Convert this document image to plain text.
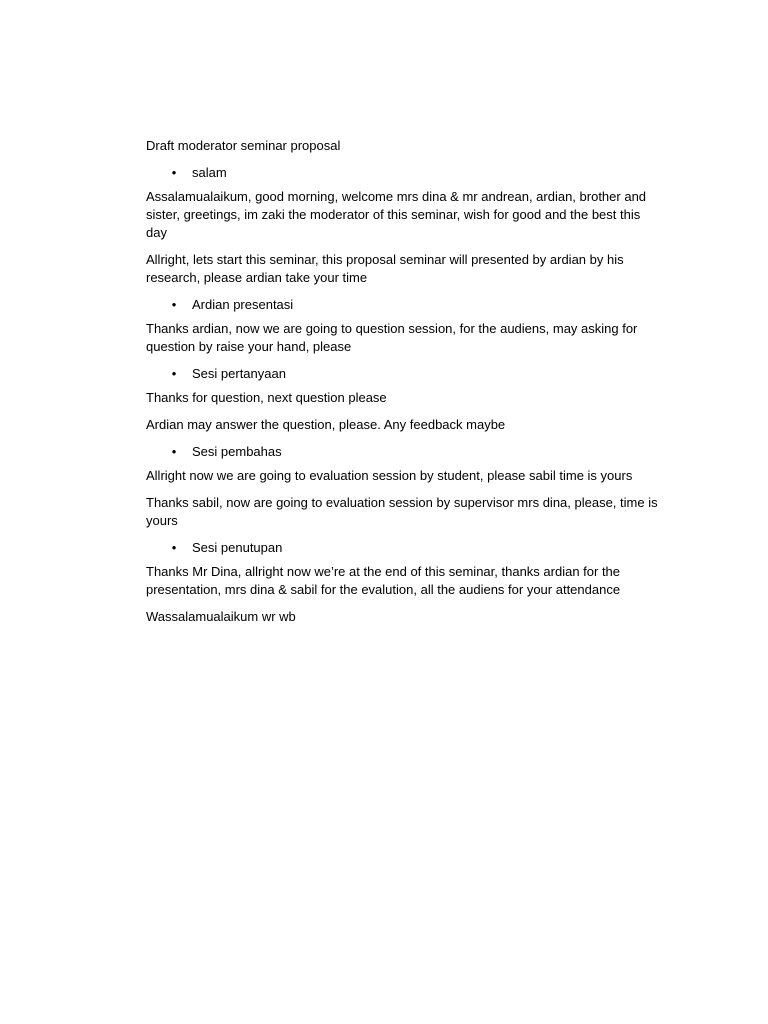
Draft moderator seminar proposal

• salam

Assalamualaikum, good morning, welcome mrs dina & mr andrean, ardian, brother and sister, greetings, im zaki the moderator of this seminar, wish for good and the best this day

Allright, lets start this seminar, this proposal seminar will presented by ardian by his research, please ardian take your time

• Ardian presentasi

Thanks ardian, now we are going to question session, for the audiens, may asking for question by raise your hand, please

• Sesi pertanyaan

Thanks for question, next question please

Ardian may answer the question, please. Any feedback maybe

• Sesi pembahas

Allright now we are going to evaluation session by student, please sabil time is yours

Thanks sabil, now are going to evaluation session by supervisor mrs dina, please, time is yours

• Sesi penutupan

Thanks Mr Dina, allright now we’re at the end of this seminar, thanks ardian for the presentation, mrs dina & sabil for the evalution, all the audiens for your attendance

Wassalamualaikum wr wb
